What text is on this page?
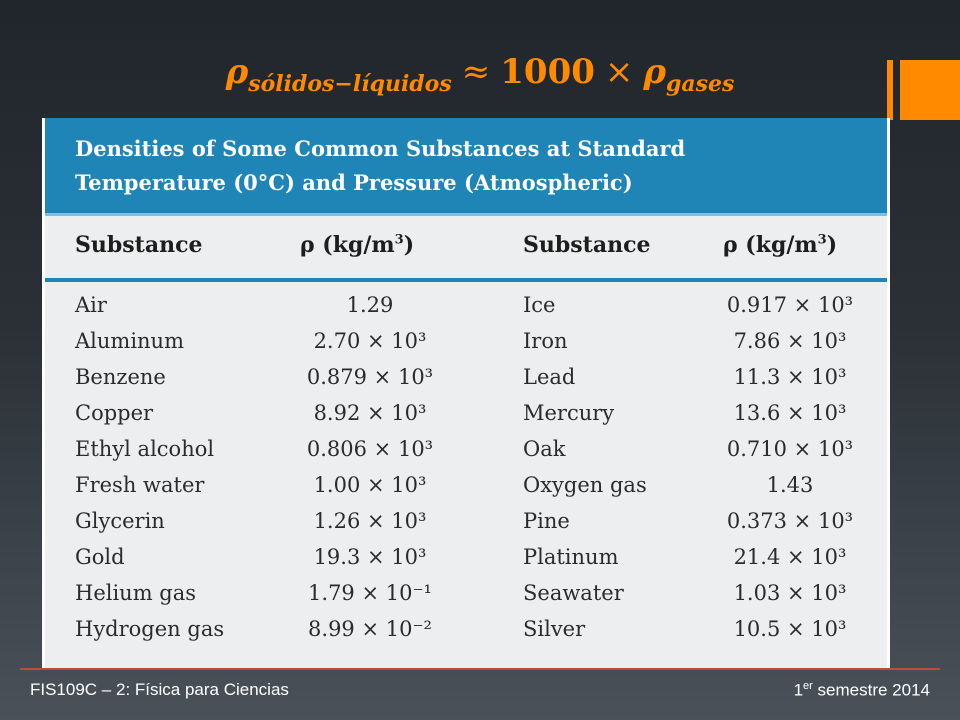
$\rho_{sólidos-líquidos} \approx 1000 \times \rho_{gases}$
Densities of Some Common Substances at Standard Temperature (0°C) and Pressure (Atmospheric)
Substance	ρ $(kg/m^3)$	Substance	ρ $(kg/m^3)$
Air	1.29	Ice	0.917 × 10³
Aluminum	2.70 × 10³	Iron	7.86 × 10³
Benzene	0.879 × 10³	Lead	11.3 × 10³
Copper	8.92 × 10³	Mercury	13.6 × 10³
Ethyl alcohol	0.806 × 10³	Oak	0.710 × 10³
Fresh water	1.00 × 10³	Oxygen gas	1.43
Glycerin	1.26 × 10³	Pine	0.373 × 10³
Gold	19.3 × 10³	Platinum	21.4 × 10³
Helium gas	1.79 × 10⁻¹	Seawater	1.03 × 10³
Hydrogen gas	8.99 × 10⁻²	Silver	10.5 × 10³
FIS109C – 2: Física para Ciencias	1er semestre 2014
